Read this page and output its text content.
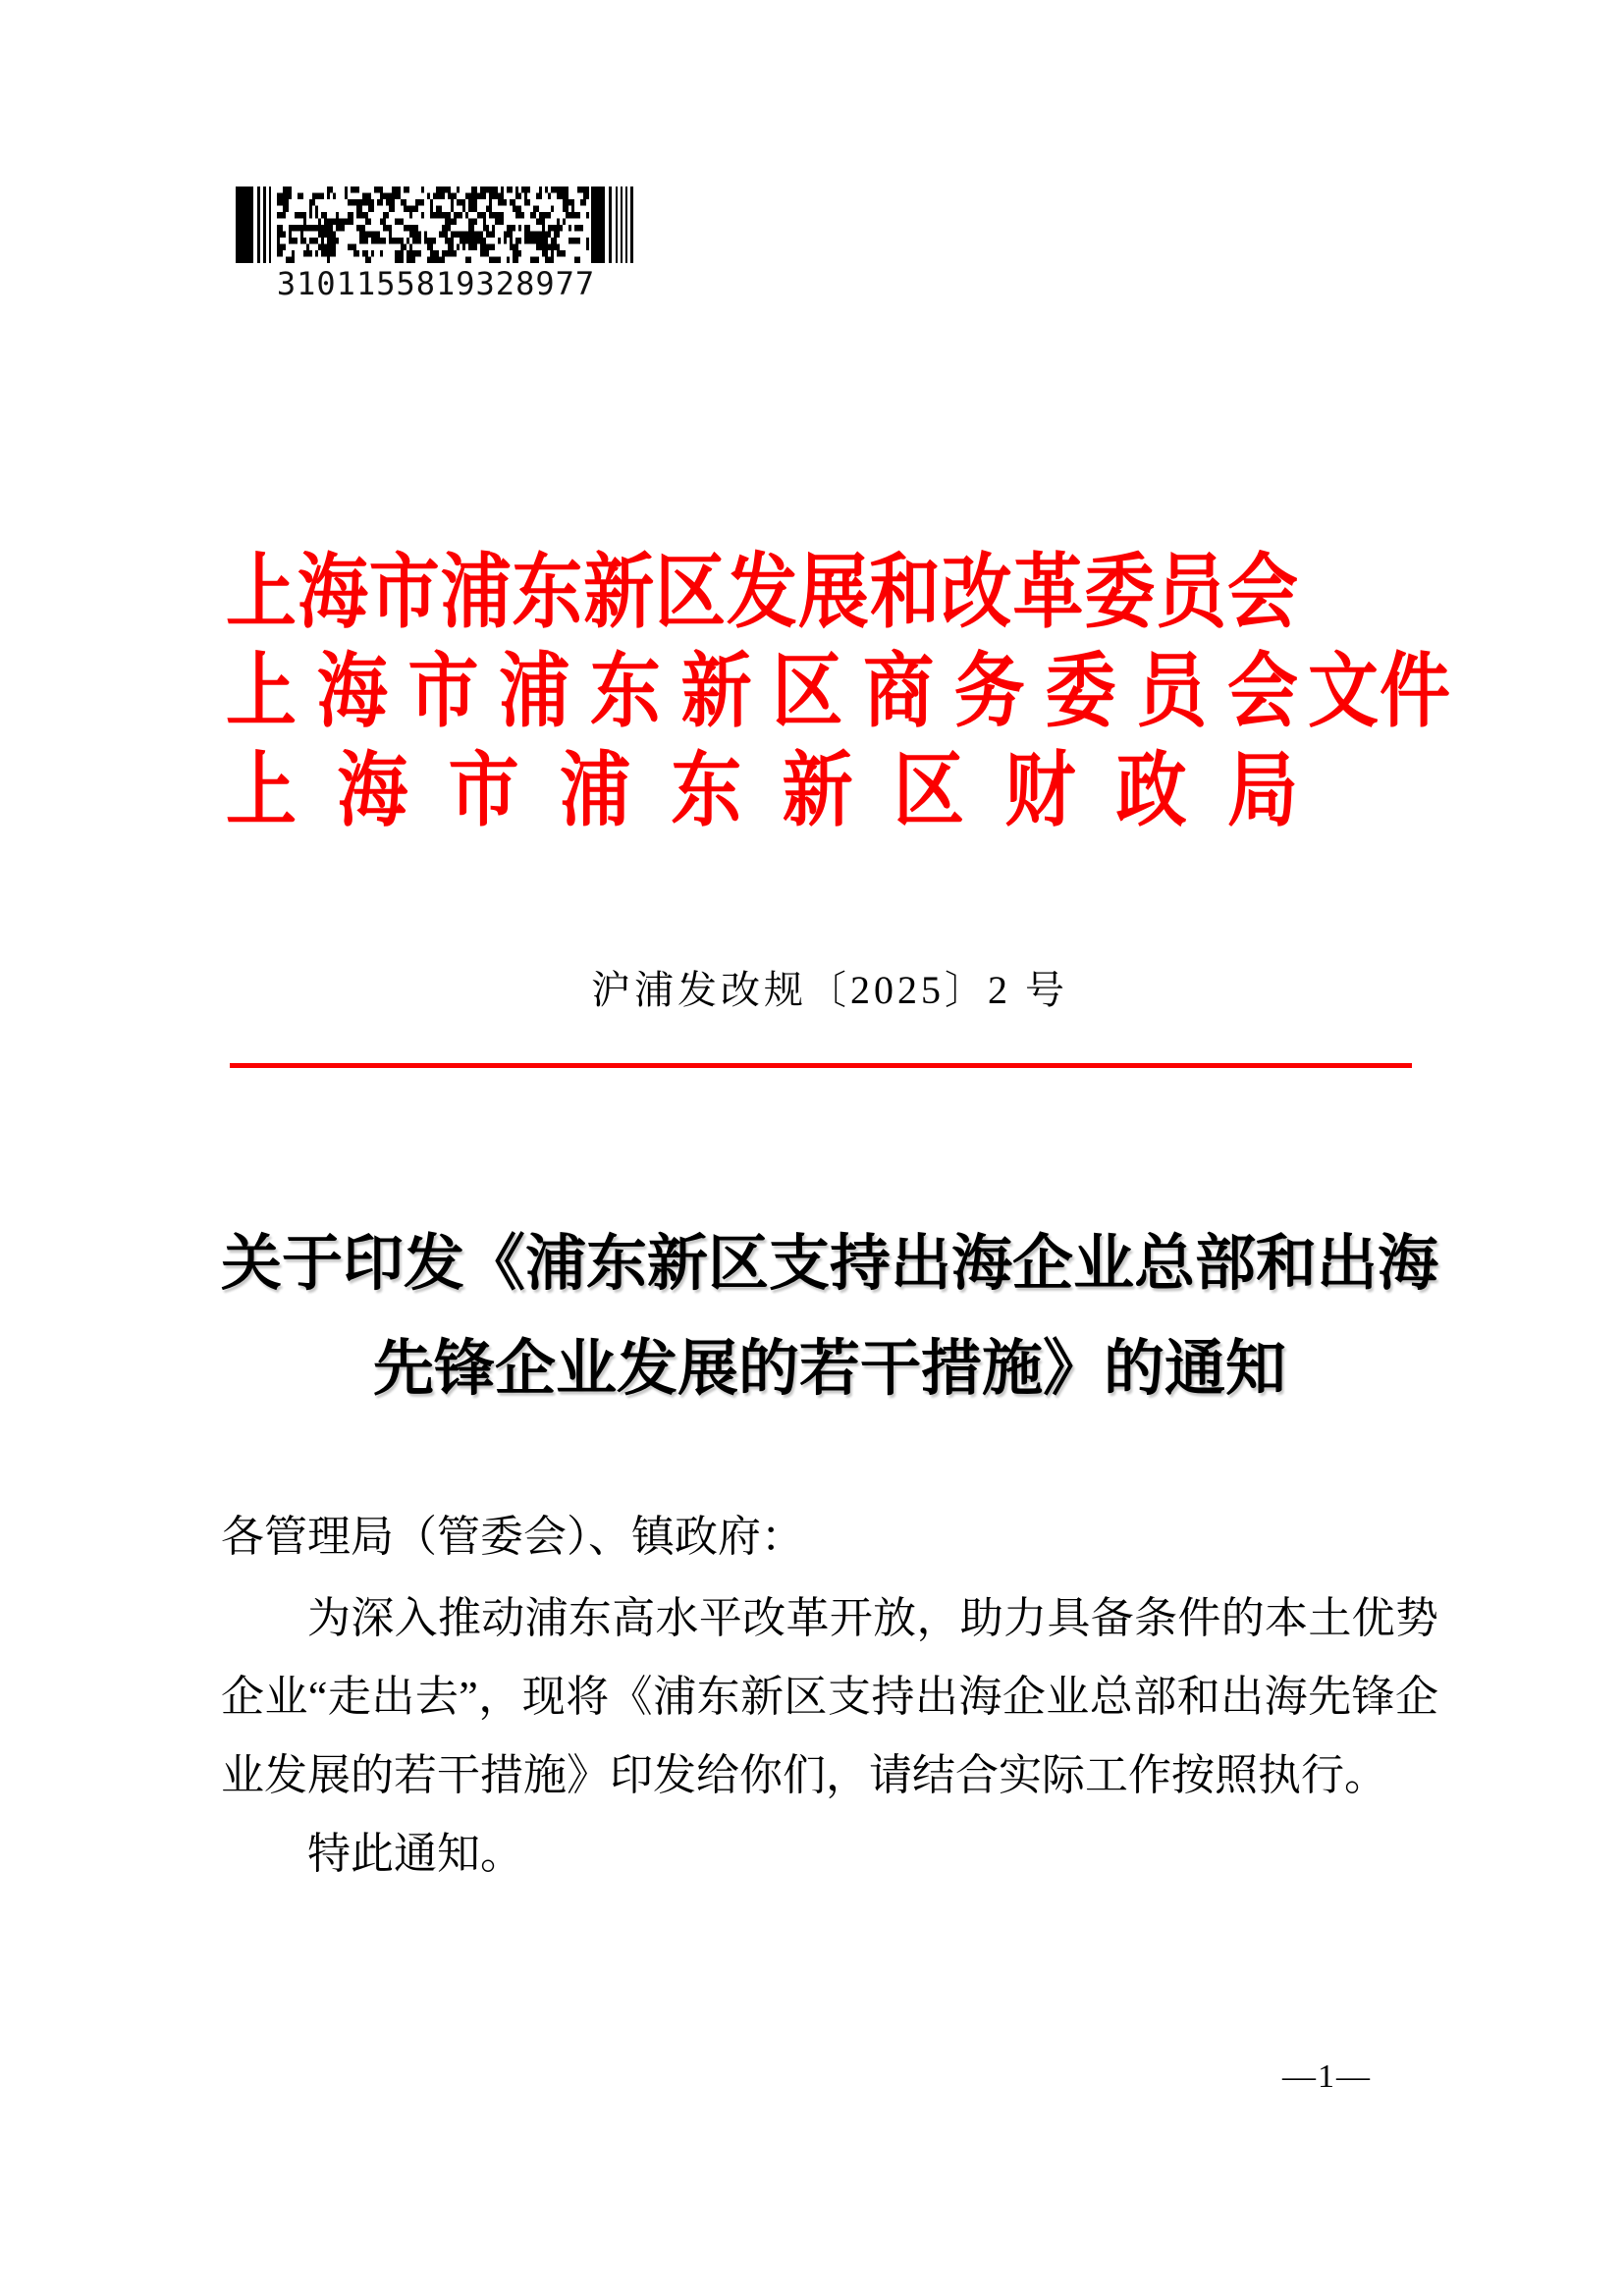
3101155819328977
上海市浦东新区发展和改革委员会
上海市浦东新区商务委员会
上海市浦东新区财政局
文件
沪浦发改规〔2025〕2 号
关于印发《浦东新区支持出海企业总部和出海
先锋企业发展的若干措施》的通知
各管理局（管委会）、镇政府：
为深入推动浦东高水平改革开放，助力具备条件的本土优势
企业“走出去”，现将《浦东新区支持出海企业总部和出海先锋企
业发展的若干措施》印发给你们，请结合实际工作按照执行。
特此通知。
—1—
